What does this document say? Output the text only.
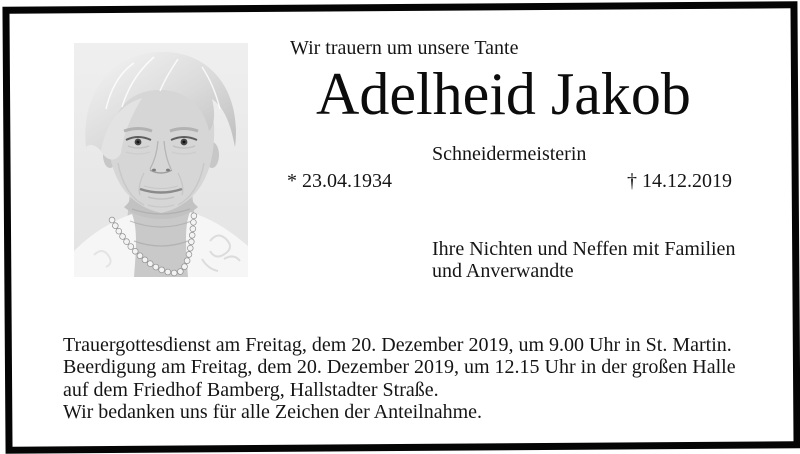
Wir trauern um unsere Tante
Adelheid Jakob
Schneidermeisterin
* 23.04.1934	† 14.12.2019
Ihre Nichten und Neffen mit Familien
und Anverwandte
Trauergottesdienst am Freitag, dem 20. Dezember 2019, um 9.00 Uhr in St. Martin.
Beerdigung am Freitag, dem 20. Dezember 2019, um 12.15 Uhr in der großen Halle
auf dem Friedhof Bamberg, Hallstadter Straße.
Wir bedanken uns für alle Zeichen der Anteilnahme.
